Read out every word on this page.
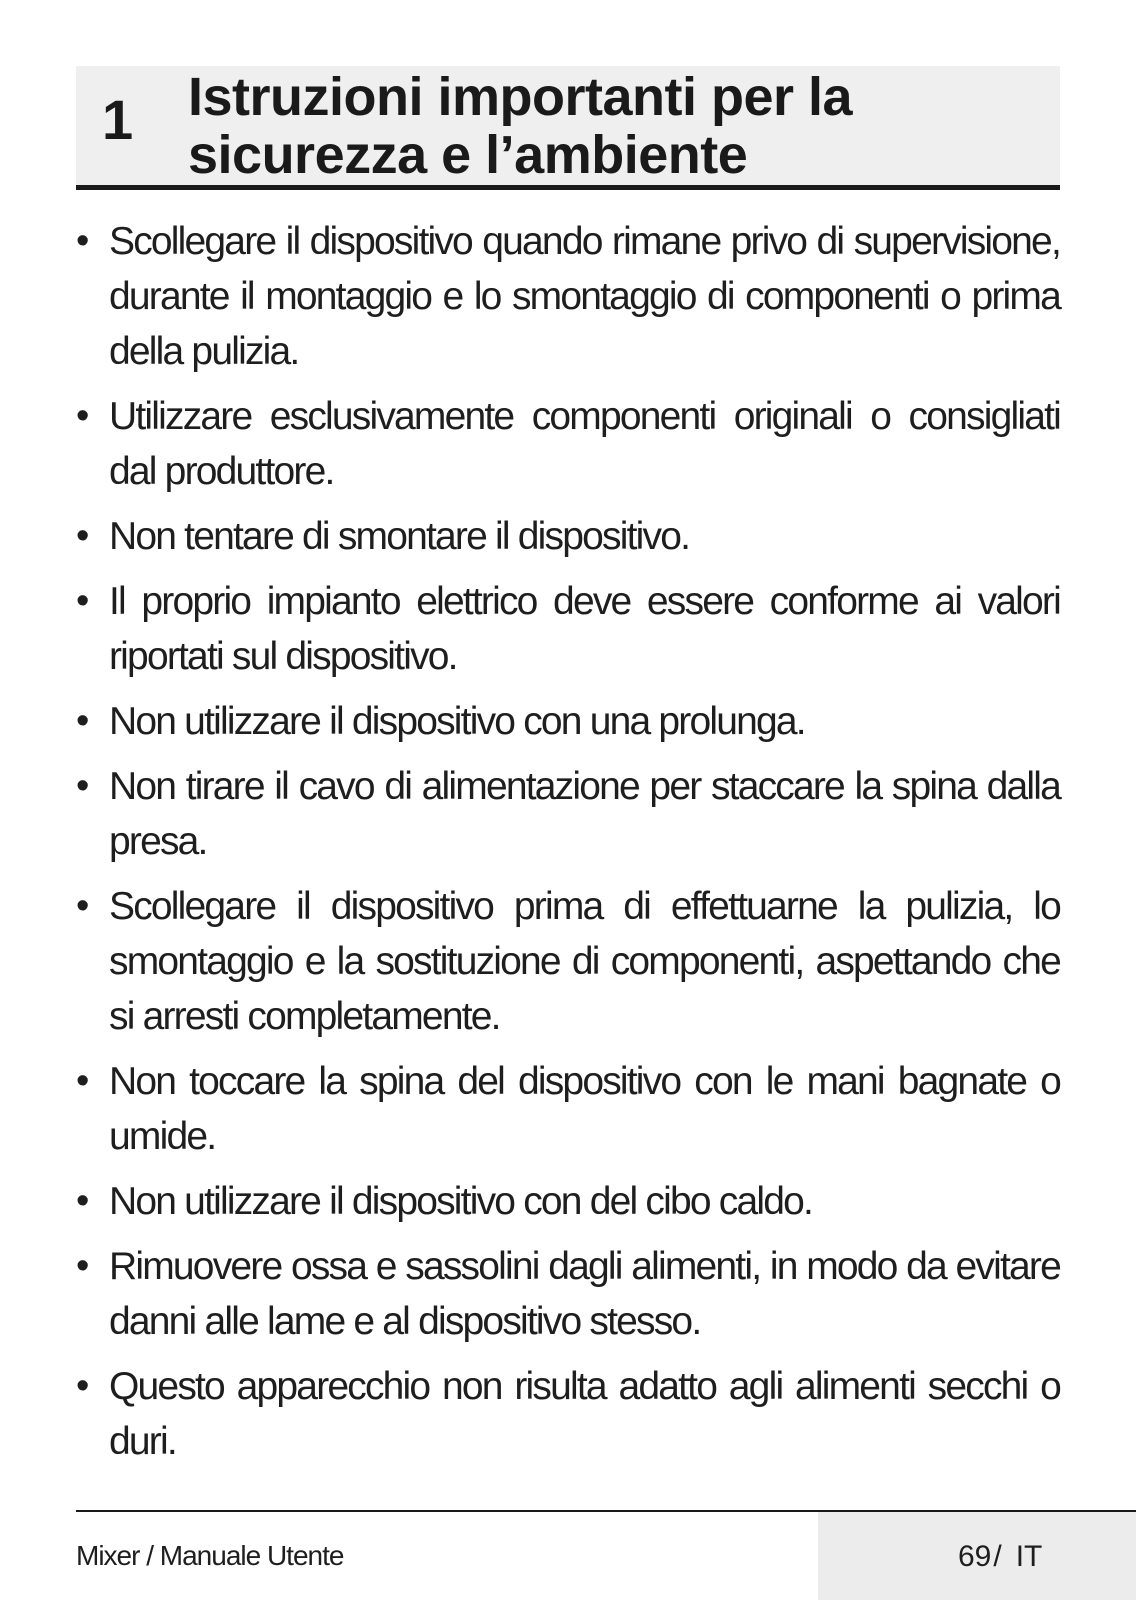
1 Istruzioni importanti per la sicurezza e l’ambiente
• Scollegare il dispositivo quando rimane privo di supervisione, durante il montaggio e lo smontaggio di componenti o prima della pulizia.
• Utilizzare esclusivamente componenti originali o consigliati dal produttore.
• Non tentare di smontare il dispositivo.
• Il proprio impianto elettrico deve essere conforme ai valori riportati sul dispositivo.
• Non utilizzare il dispositivo con una prolunga.
• Non tirare il cavo di alimentazione per staccare la spina dalla presa.
• Scollegare il dispositivo prima di effettuarne la pulizia, lo smontaggio e la sostituzione di componenti, aspettando che si arresti completamente.
• Non toccare la spina del dispositivo con le mani bagnate o umide.
• Non utilizzare il dispositivo con del cibo caldo.
• Rimuovere ossa e sassolini dagli alimenti, in modo da evitare danni alle lame e al dispositivo stesso.
• Questo apparecchio non risulta adatto agli alimenti secchi o duri.
Mixer / Manuale Utente	69/ IT
